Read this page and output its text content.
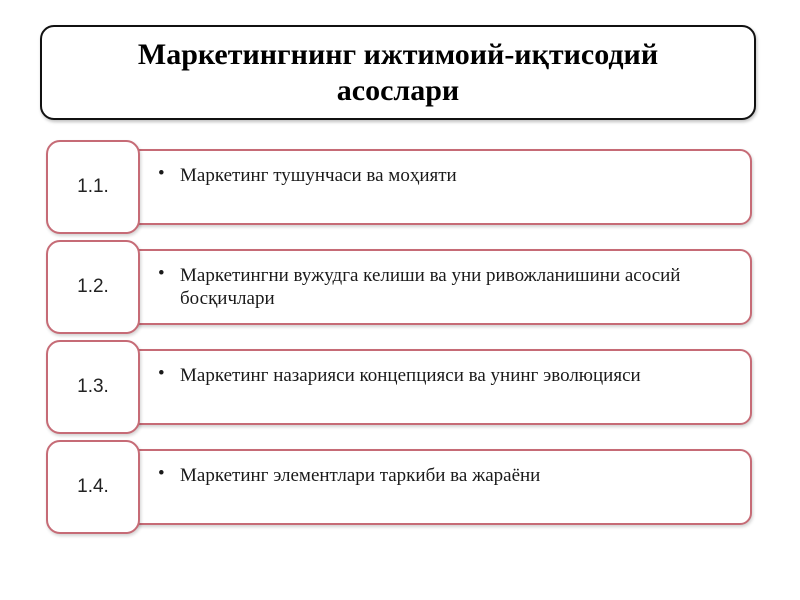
Маркетингнинг ижтимоий-иқтисодий асослари
1.1.
• Маркетинг тушунчаси ва моҳияти
1.2.
• Маркетингни вужудга келиши ва уни ривожланишини асосий босқичлари
1.3.
• Маркетинг назарияси концепцияси ва унинг эволюцияси
1.4.
• Маркетинг элементлари таркиби ва жараёни
